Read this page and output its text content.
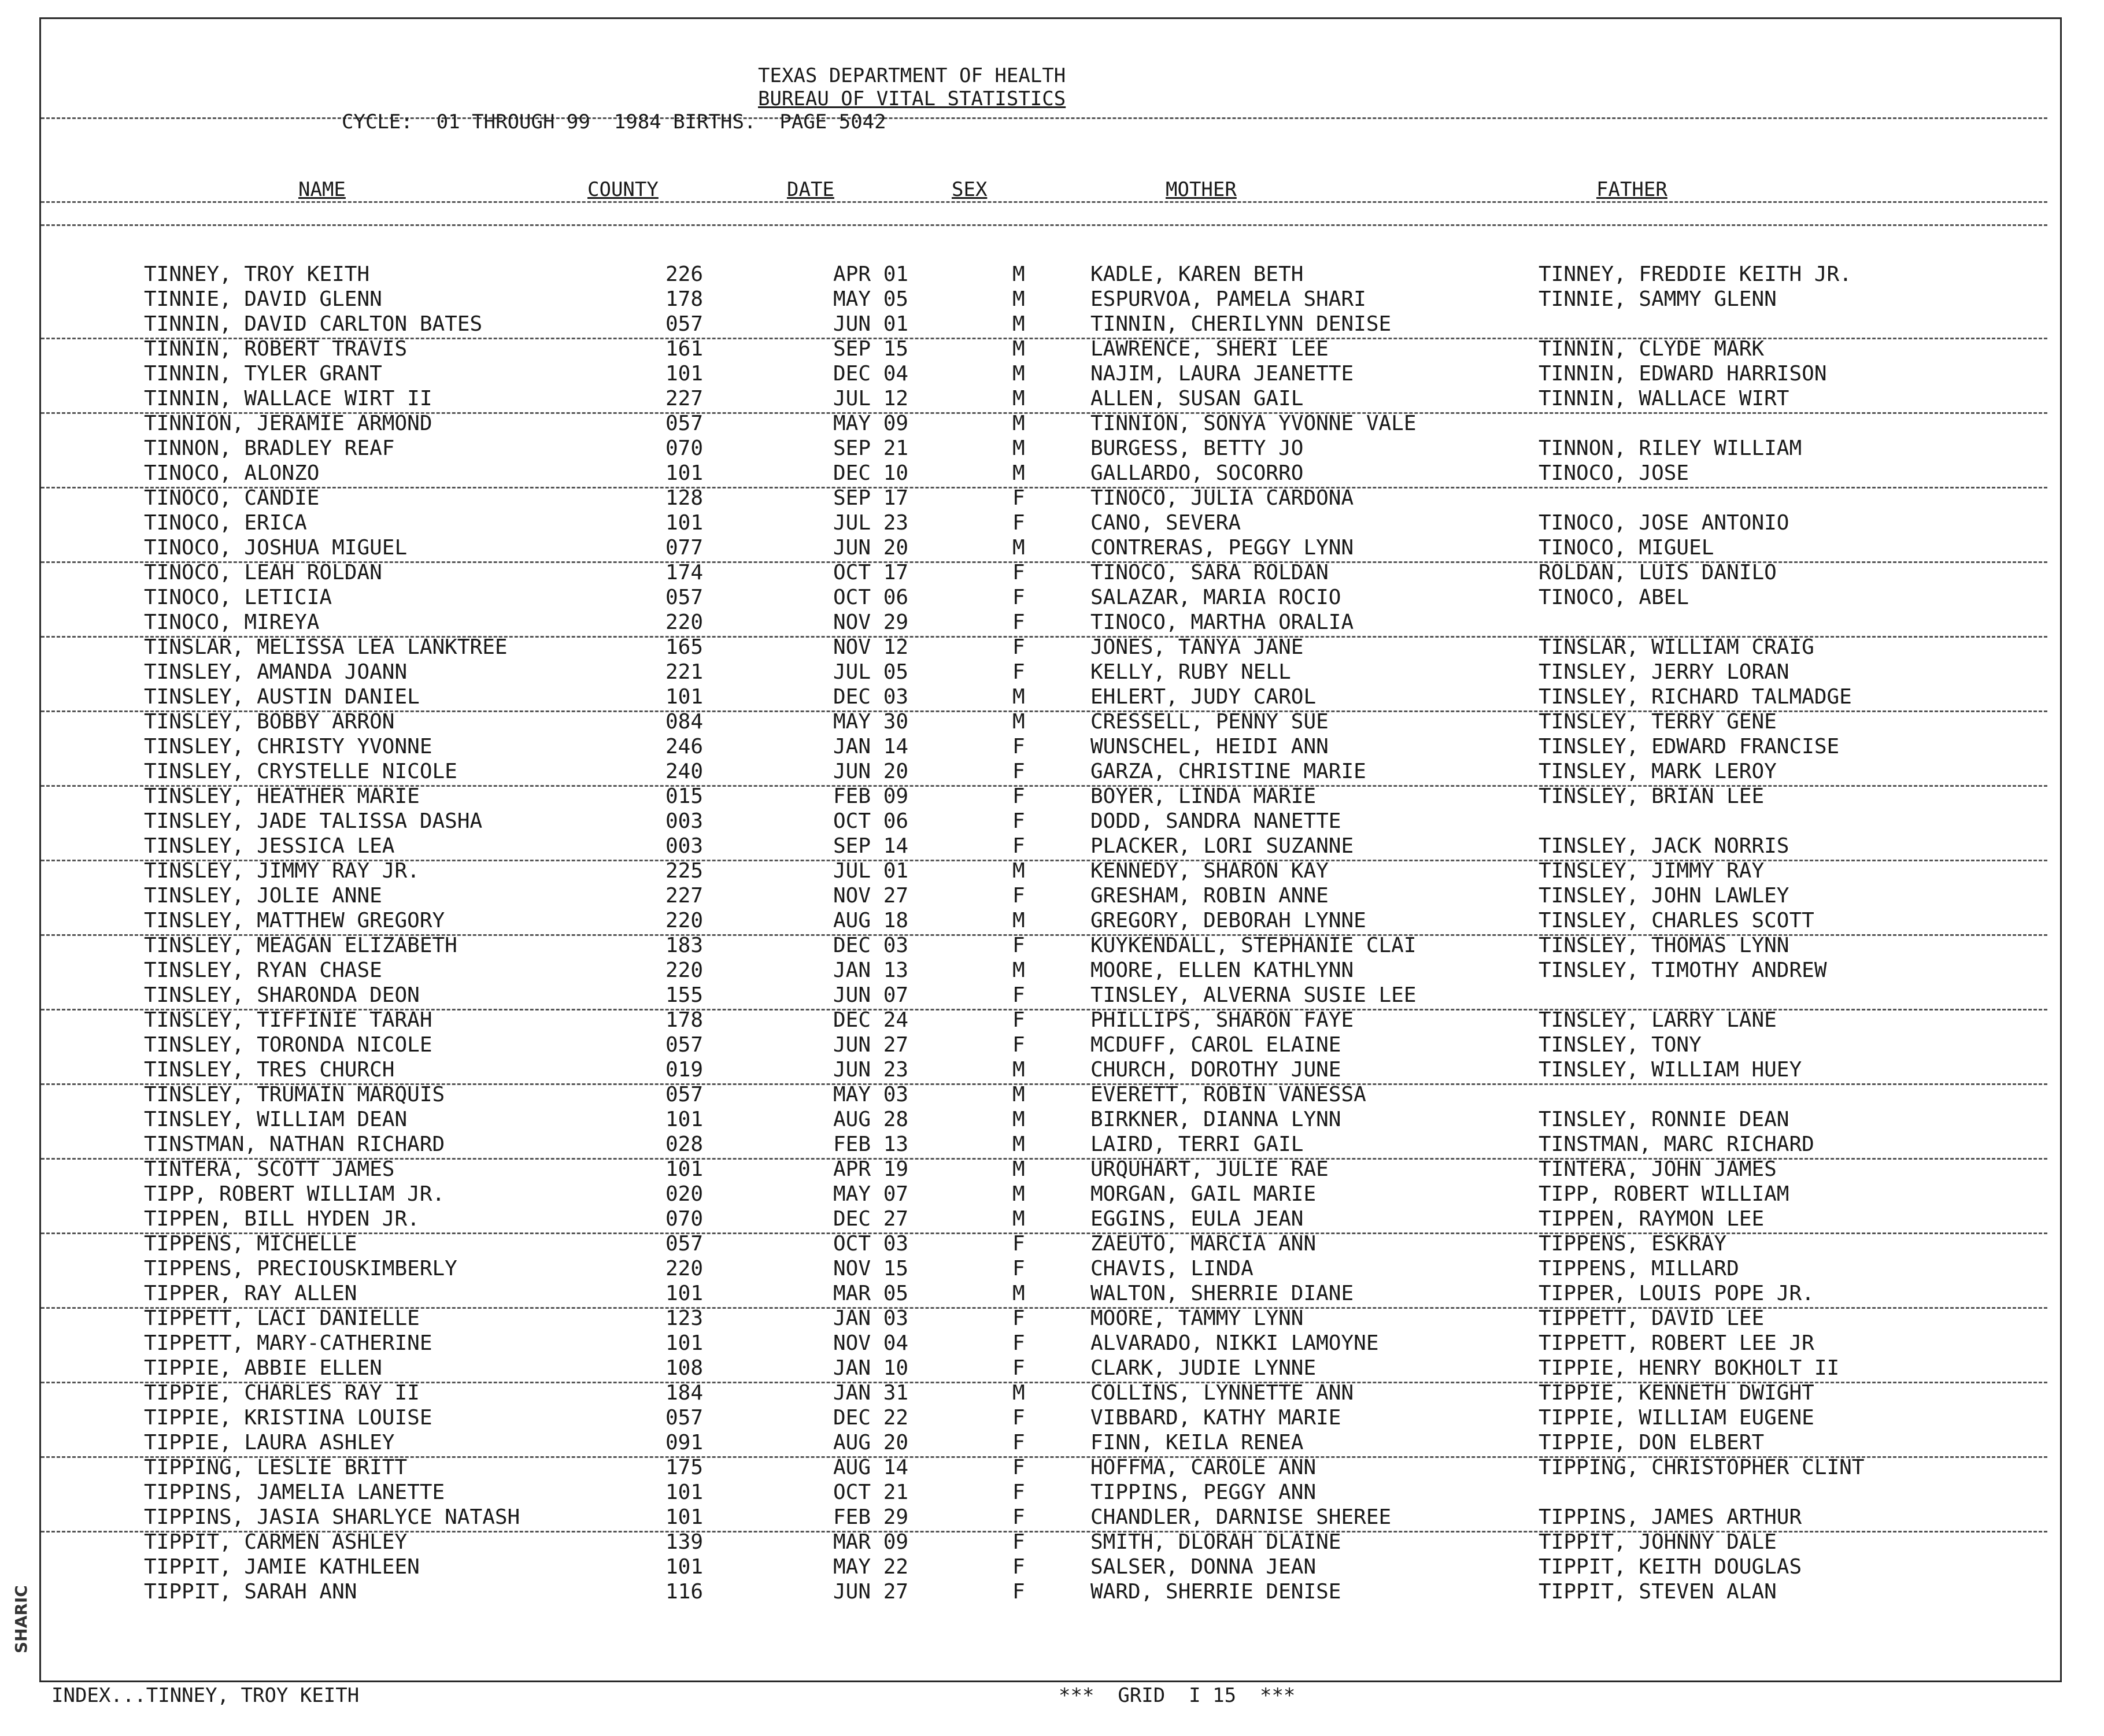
SHARIC
TEXAS DEPARTMENT OF HEALTH
BUREAU OF VITAL STATISTICS
CYCLE:  01 THROUGH 99  1984 BIRTHS.  PAGE 5042
NAME	COUNTY	DATE	SEX	MOTHER	FATHER
TINNEY, TROY KEITH	226	APR 01	M	KADLE, KAREN BETH	TINNEY, FREDDIE KEITH JR.
TINNIE, DAVID GLENN	178	MAY 05	M	ESPURVOA, PAMELA SHARI	TINNIE, SAMMY GLENN
TINNIN, DAVID CARLTON BATES	057	JUN 01	M	TINNIN, CHERILYNN DENISE
TINNIN, ROBERT TRAVIS	161	SEP 15	M	LAWRENCE, SHERI LEE	TINNIN, CLYDE MARK
TINNIN, TYLER GRANT	101	DEC 04	M	NAJIM, LAURA JEANETTE	TINNIN, EDWARD HARRISON
TINNIN, WALLACE WIRT II	227	JUL 12	M	ALLEN, SUSAN GAIL	TINNIN, WALLACE WIRT
TINNION, JERAMIE ARMOND	057	MAY 09	M	TINNION, SONYA YVONNE VALE
TINNON, BRADLEY REAF	070	SEP 21	M	BURGESS, BETTY JO	TINNON, RILEY WILLIAM
TINOCO, ALONZO	101	DEC 10	M	GALLARDO, SOCORRO	TINOCO, JOSE
TINOCO, CANDIE	128	SEP 17	F	TINOCO, JULIA CARDONA
TINOCO, ERICA	101	JUL 23	F	CANO, SEVERA	TINOCO, JOSE ANTONIO
TINOCO, JOSHUA MIGUEL	077	JUN 20	M	CONTRERAS, PEGGY LYNN	TINOCO, MIGUEL
TINOCO, LEAH ROLDAN	174	OCT 17	F	TINOCO, SARA ROLDAN	ROLDAN, LUIS DANILO
TINOCO, LETICIA	057	OCT 06	F	SALAZAR, MARIA ROCIO	TINOCO, ABEL
TINOCO, MIREYA	220	NOV 29	F	TINOCO, MARTHA ORALIA
TINSLAR, MELISSA LEA LANKTREE	165	NOV 12	F	JONES, TANYA JANE	TINSLAR, WILLIAM CRAIG
TINSLEY, AMANDA JOANN	221	JUL 05	F	KELLY, RUBY NELL	TINSLEY, JERRY LORAN
TINSLEY, AUSTIN DANIEL	101	DEC 03	M	EHLERT, JUDY CAROL	TINSLEY, RICHARD TALMADGE
TINSLEY, BOBBY ARRON	084	MAY 30	M	CRESSELL, PENNY SUE	TINSLEY, TERRY GENE
TINSLEY, CHRISTY YVONNE	246	JAN 14	F	WUNSCHEL, HEIDI ANN	TINSLEY, EDWARD FRANCISE
TINSLEY, CRYSTELLE NICOLE	240	JUN 20	F	GARZA, CHRISTINE MARIE	TINSLEY, MARK LEROY
TINSLEY, HEATHER MARIE	015	FEB 09	F	BOYER, LINDA MARIE	TINSLEY, BRIAN LEE
TINSLEY, JADE TALISSA DASHA	003	OCT 06	F	DODD, SANDRA NANETTE
TINSLEY, JESSICA LEA	003	SEP 14	F	PLACKER, LORI SUZANNE	TINSLEY, JACK NORRIS
TINSLEY, JIMMY RAY JR.	225	JUL 01	M	KENNEDY, SHARON KAY	TINSLEY, JIMMY RAY
TINSLEY, JOLIE ANNE	227	NOV 27	F	GRESHAM, ROBIN ANNE	TINSLEY, JOHN LAWLEY
TINSLEY, MATTHEW GREGORY	220	AUG 18	M	GREGORY, DEBORAH LYNNE	TINSLEY, CHARLES SCOTT
TINSLEY, MEAGAN ELIZABETH	183	DEC 03	F	KUYKENDALL, STEPHANIE CLAI	TINSLEY, THOMAS LYNN
TINSLEY, RYAN CHASE	220	JAN 13	M	MOORE, ELLEN KATHLYNN	TINSLEY, TIMOTHY ANDREW
TINSLEY, SHARONDA DEON	155	JUN 07	F	TINSLEY, ALVERNA SUSIE LEE
TINSLEY, TIFFINIE TARAH	178	DEC 24	F	PHILLIPS, SHARON FAYE	TINSLEY, LARRY LANE
TINSLEY, TORONDA NICOLE	057	JUN 27	F	MCDUFF, CAROL ELAINE	TINSLEY, TONY
TINSLEY, TRES CHURCH	019	JUN 23	M	CHURCH, DOROTHY JUNE	TINSLEY, WILLIAM HUEY
TINSLEY, TRUMAIN MARQUIS	057	MAY 03	M	EVERETT, ROBIN VANESSA
TINSLEY, WILLIAM DEAN	101	AUG 28	M	BIRKNER, DIANNA LYNN	TINSLEY, RONNIE DEAN
TINSTMAN, NATHAN RICHARD	028	FEB 13	M	LAIRD, TERRI GAIL	TINSTMAN, MARC RICHARD
TINTERA, SCOTT JAMES	101	APR 19	M	URQUHART, JULIE RAE	TINTERA, JOHN JAMES
TIPP, ROBERT WILLIAM JR.	020	MAY 07	M	MORGAN, GAIL MARIE	TIPP, ROBERT WILLIAM
TIPPEN, BILL HYDEN JR.	070	DEC 27	M	EGGINS, EULA JEAN	TIPPEN, RAYMON LEE
TIPPENS, MICHELLE	057	OCT 03	F	ZAEUTO, MARCIA ANN	TIPPENS, ESKRAY
TIPPENS, PRECIOUSKIMBERLY	220	NOV 15	F	CHAVIS, LINDA	TIPPENS, MILLARD
TIPPER, RAY ALLEN	101	MAR 05	M	WALTON, SHERRIE DIANE	TIPPER, LOUIS POPE JR.
TIPPETT, LACI DANIELLE	123	JAN 03	F	MOORE, TAMMY LYNN	TIPPETT, DAVID LEE
TIPPETT, MARY-CATHERINE	101	NOV 04	F	ALVARADO, NIKKI LAMOYNE	TIPPETT, ROBERT LEE JR
TIPPIE, ABBIE ELLEN	108	JAN 10	F	CLARK, JUDIE LYNNE	TIPPIE, HENRY BOKHOLT II
TIPPIE, CHARLES RAY II	184	JAN 31	M	COLLINS, LYNNETTE ANN	TIPPIE, KENNETH DWIGHT
TIPPIE, KRISTINA LOUISE	057	DEC 22	F	VIBBARD, KATHY MARIE	TIPPIE, WILLIAM EUGENE
TIPPIE, LAURA ASHLEY	091	AUG 20	F	FINN, KEILA RENEA	TIPPIE, DON ELBERT
TIPPING, LESLIE BRITT	175	AUG 14	F	HOFFMA, CAROLE ANN	TIPPING, CHRISTOPHER CLINT
TIPPINS, JAMELIA LANETTE	101	OCT 21	F	TIPPINS, PEGGY ANN
TIPPINS, JASIA SHARLYCE NATASH	101	FEB 29	F	CHANDLER, DARNISE SHEREE	TIPPINS, JAMES ARTHUR
TIPPIT, CARMEN ASHLEY	139	MAR 09	F	SMITH, DLORAH DLAINE	TIPPIT, JOHNNY DALE
TIPPIT, JAMIE KATHLEEN	101	MAY 22	F	SALSER, DONNA JEAN	TIPPIT, KEITH DOUGLAS
TIPPIT, SARAH ANN	116	JUN 27	F	WARD, SHERRIE DENISE	TIPPIT, STEVEN ALAN
INDEX...TINNEY, TROY KEITH	***  GRID  I 15  ***
